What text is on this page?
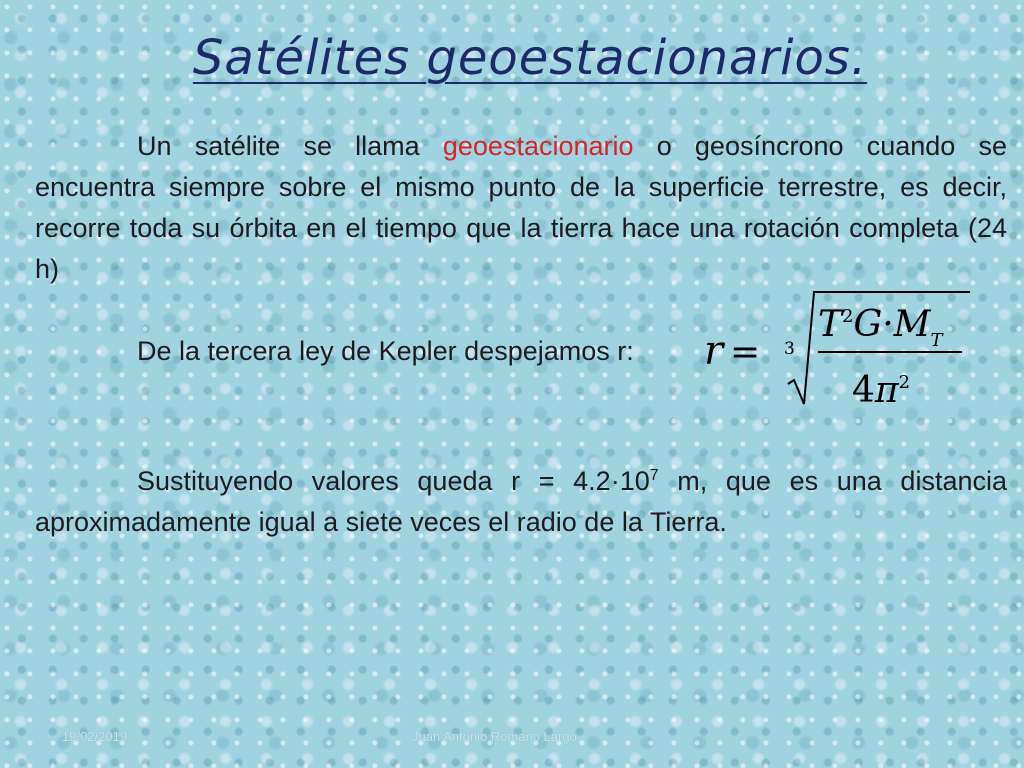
Satélites geoestacionarios.

Un satélite se llama geoestacionario o geosíncrono cuando se encuentra siempre sobre el mismo punto de la superficie terrestre, es decir, recorre toda su órbita en el tiempo que la tierra hace una rotación completa (24 h)

De la tercera ley de Kepler despejamos r: r = 3
$T^2G\cdot M_T$
$4\pi^2$

Sustituyendo valores queda $r = 4.2\cdot 10^7$ m, que es una distancia aproximadamente igual a siete veces el radio de la Tierra.

19/02/2019	Juan Antonio Romano Largo
